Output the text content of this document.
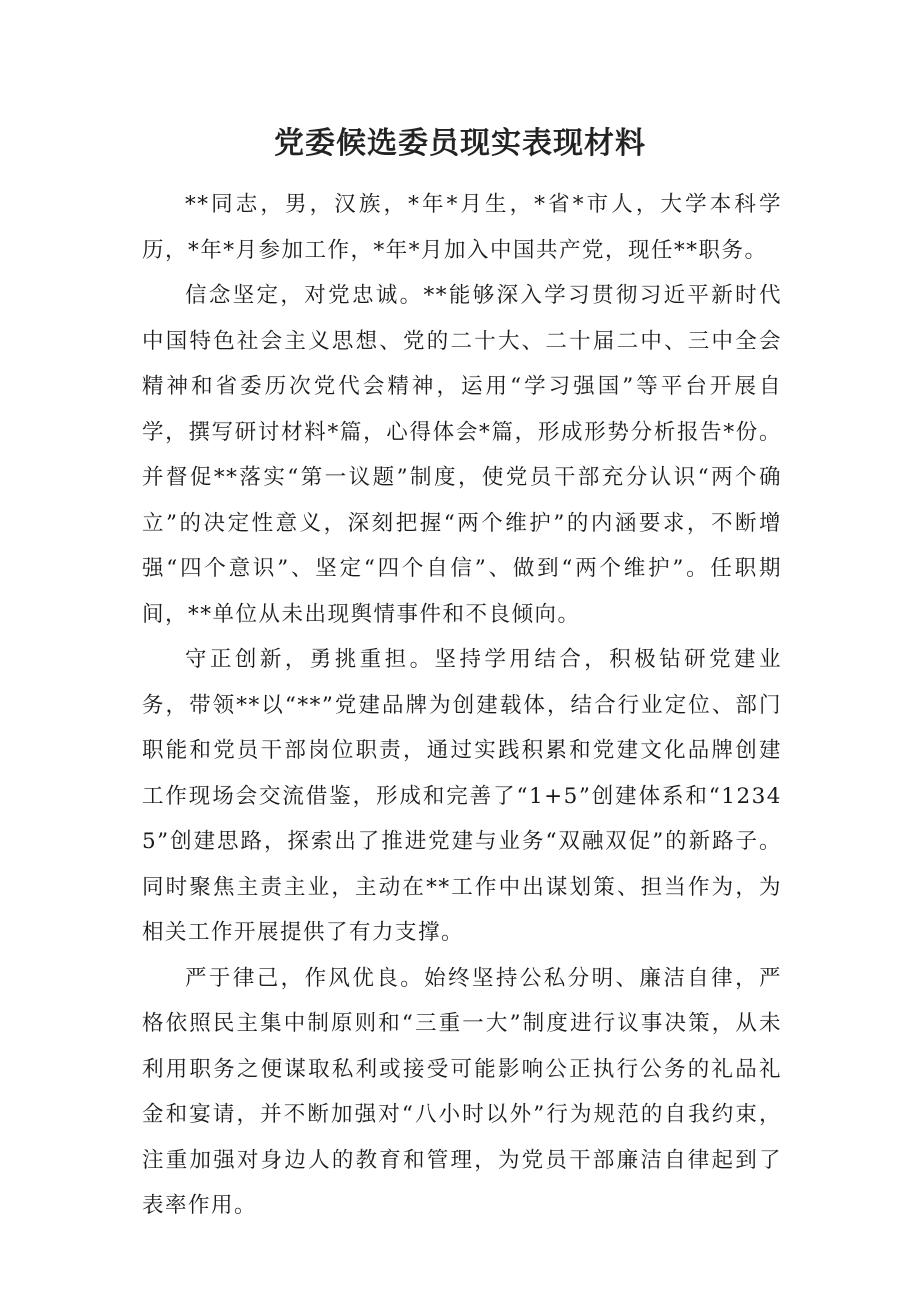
党委候选委员现实表现材料

**同志，男，汉族，*年*月生，*省*市人，大学本科学历，*年*月参加工作，*年*月加入中国共产党，现任**职务。

信念坚定，对党忠诚。**能够深入学习贯彻习近平新时代中国特色社会主义思想、党的二十大、二十届二中、三中全会精神和省委历次党代会精神，运用“学习强国”等平台开展自学，撰写研讨材料*篇，心得体会*篇，形成形势分析报告*份。并督促**落实“第一议题”制度，使党员干部充分认识“两个确立”的决定性意义，深刻把握“两个维护”的内涵要求，不断增强“四个意识”、坚定“四个自信”、做到“两个维护”。任职期间，**单位从未出现舆情事件和不良倾向。

守正创新，勇挑重担。坚持学用结合，积极钻研党建业务，带领**以“**”党建品牌为创建载体，结合行业定位、部门职能和党员干部岗位职责，通过实践积累和党建文化品牌创建工作现场会交流借鉴，形成和完善了“1+5”创建体系和“12345”创建思路，探索出了推进党建与业务“双融双促”的新路子。同时聚焦主责主业，主动在**工作中出谋划策、担当作为，为相关工作开展提供了有力支撑。

严于律己，作风优良。始终坚持公私分明、廉洁自律，严格依照民主集中制原则和“三重一大”制度进行议事决策，从未利用职务之便谋取私利或接受可能影响公正执行公务的礼品礼金和宴请，并不断加强对“八小时以外”行为规范的自我约束，注重加强对身边人的教育和管理，为党员干部廉洁自律起到了表率作用。
